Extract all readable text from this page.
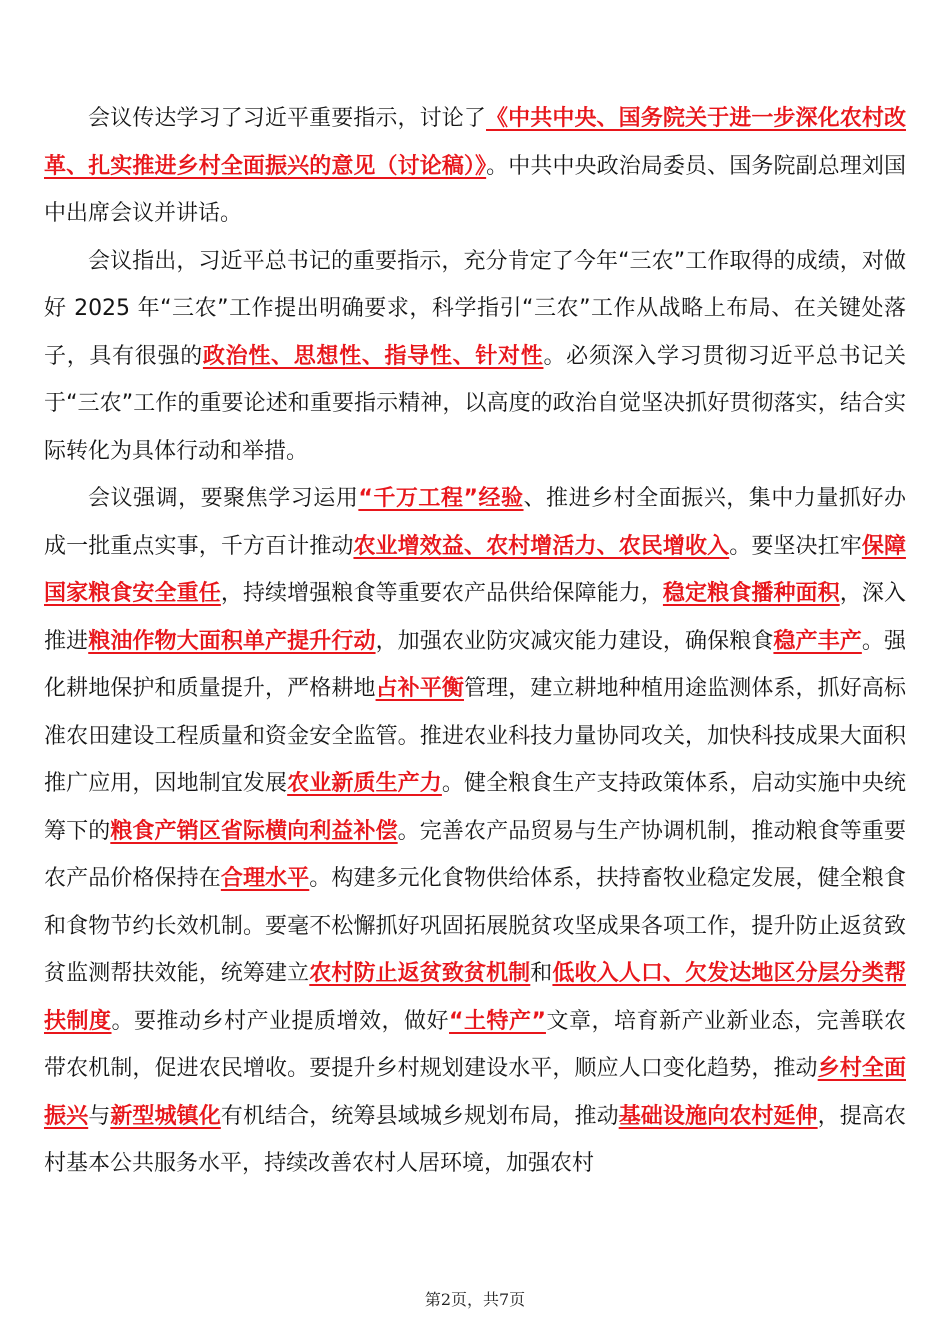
会议传达学习了习近平重要指示，讨论了《中共中央、国务院关于进一步深化农村改革、扎实推进乡村全面振兴的意见（讨论稿）》。中共中央政治局委员、国务院副总理刘国中出席会议并讲话。

会议指出，习近平总书记的重要指示，充分肯定了今年“三农”工作取得的成绩，对做好 2025 年“三农”工作提出明确要求，科学指引“三农”工作从战略上布局、在关键处落子，具有很强的政治性、思想性、指导性、针对性。必须深入学习贯彻习近平总书记关于“三农”工作的重要论述和重要指示精神，以高度的政治自觉坚决抓好贯彻落实，结合实际转化为具体行动和举措。

会议强调，要聚焦学习运用“千万工程”经验、推进乡村全面振兴，集中力量抓好办成一批重点实事，千方百计推动农业增效益、农村增活力、农民增收入。要坚决扛牢保障国家粮食安全重任，持续增强粮食等重要农产品供给保障能力，稳定粮食播种面积，深入推进粮油作物大面积单产提升行动，加强农业防灾减灾能力建设，确保粮食稳产丰产。强化耕地保护和质量提升，严格耕地占补平衡管理，建立耕地种植用途监测体系，抓好高标准农田建设工程质量和资金安全监管。推进农业科技力量协同攻关，加快科技成果大面积推广应用，因地制宜发展农业新质生产力。健全粮食生产支持政策体系，启动实施中央统筹下的粮食产销区省际横向利益补偿。完善农产品贸易与生产协调机制，推动粮食等重要农产品价格保持在合理水平。构建多元化食物供给体系，扶持畜牧业稳定发展，健全粮食和食物节约长效机制。要毫不松懈抓好巩固拓展脱贫攻坚成果各项工作，提升防止返贫致贫监测帮扶效能，统筹建立农村防止返贫致贫机制和低收入人口、欠发达地区分层分类帮扶制度。要推动乡村产业提质增效，做好“土特产”文章，培育新产业新业态，完善联农带农机制，促进农民增收。要提升乡村规划建设水平，顺应人口变化趋势，推动乡村全面振兴与新型城镇化有机结合，统筹县域城乡规划布局，推动基础设施向农村延伸，提高农村基本公共服务水平，持续改善农村人居环境，加强农村

第2页，共7页
